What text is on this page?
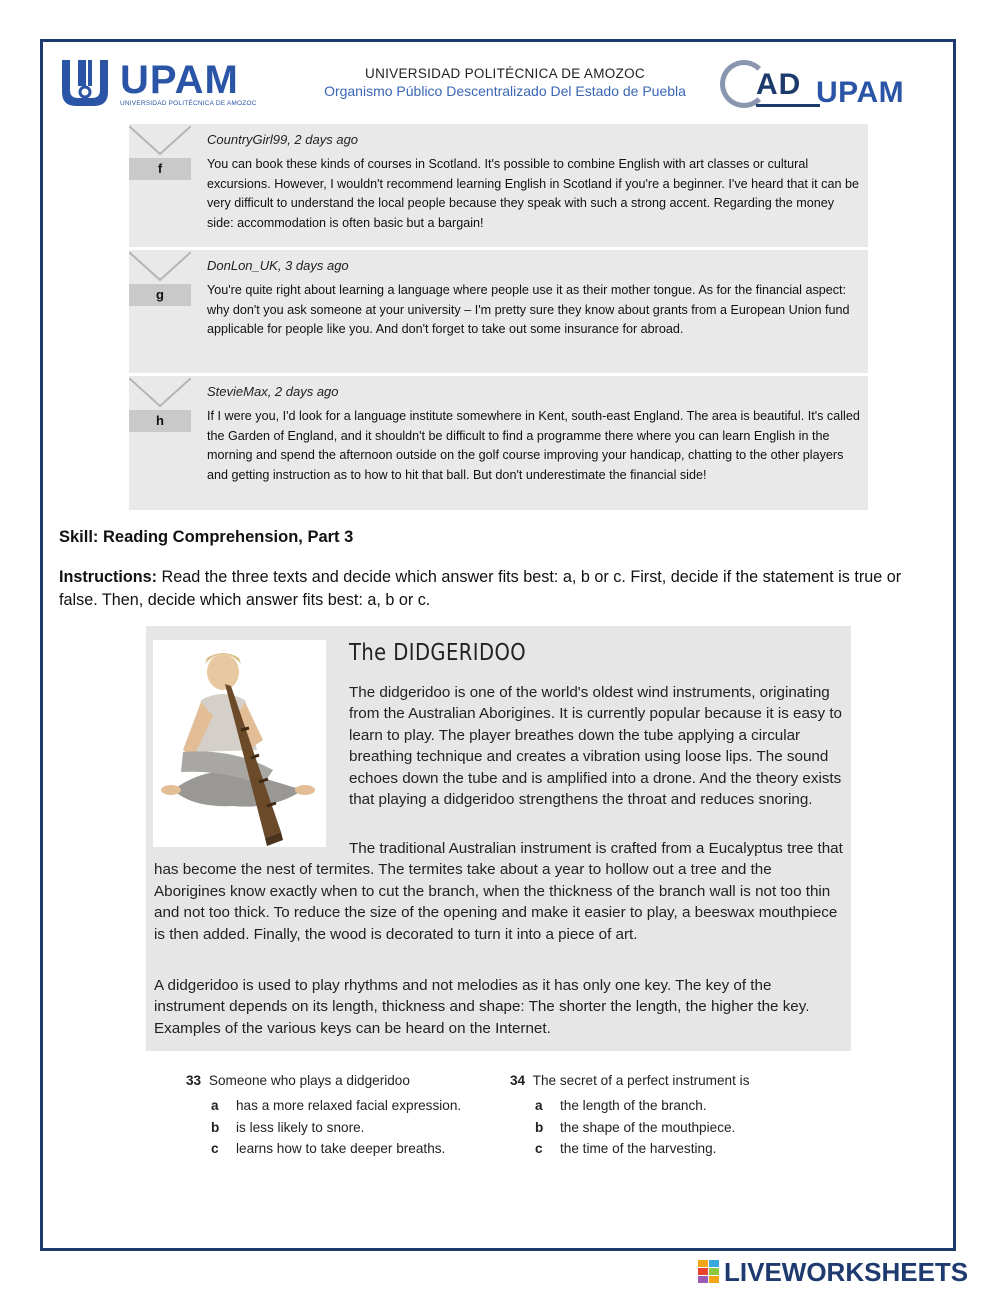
UPAM
UNIVERSIDAD POLITÉCNICA DE AMOZOC
UNIVERSIDAD POLITÉCNICA DE AMOZOC
Organismo Público Descentralizado Del Estado de Puebla	AD UPAM
f
CountryGirl99, 2 days ago
You can book these kinds of courses in Scotland. It's possible to combine English with art classes or cultural excursions. However, I wouldn't recommend learning English in Scotland if you're a beginner. I've heard that it can be very difficult to understand the local people because they speak with such a strong accent. Regarding the money side: accommodation is often basic but a bargain!
g
DonLon_UK, 3 days ago
You're quite right about learning a language where people use it as their mother tongue. As for the financial aspect: why don't you ask someone at your university – I'm pretty sure they know about grants from a European Union fund applicable for people like you. And don't forget to take out some insurance for abroad.
h
StevieMax, 2 days ago
If I were you, I'd look for a language institute somewhere in Kent, south-east England. The area is beautiful. It's called the Garden of England, and it shouldn't be difficult to find a programme there where you can learn English in the morning and spend the afternoon outside on the golf course improving your handicap, chatting to the other players and getting instruction as to how to hit that ball. But don't underestimate the financial side!
Skill: Reading Comprehension, Part 3
Instructions: Read the three texts and decide which answer fits best: a, b or c. First, decide if the statement is true or false. Then, decide which answer fits best: a, b or c.
The DIDGERIDOO
The didgeridoo is one of the world's oldest wind instruments, originating from the Australian Aborigines. It is currently popular because it is easy to learn to play. The player breathes down the tube applying a circular breathing technique and creates a vibration using loose lips. The sound echoes down the tube and is amplified into a drone. And the theory exists that playing a didgeridoo strengthens the throat and reduces snoring.
The traditional Australian instrument is crafted from a Eucalyptus tree that has become the nest of termites. The termites take about a year to hollow out a tree and the Aborigines know exactly when to cut the branch, when the thickness of the branch wall is not too thin and not too thick. To reduce the size of the opening and make it easier to play, a beeswax mouthpiece is then added. Finally, the wood is decorated to turn it into a piece of art.
A didgeridoo is used to play rhythms and not melodies as it has only one key. The key of the instrument depends on its length, thickness and shape: The shorter the length, the higher the key. Examples of the various keys can be heard on the Internet.
33 Someone who plays a didgeridoo
a has a more relaxed facial expression.
b is less likely to snore.
c learns how to take deeper breaths.
34 The secret of a perfect instrument is
a the length of the branch.
b the shape of the mouthpiece.
c the time of the harvesting.
LIVEWORKSHEETS
